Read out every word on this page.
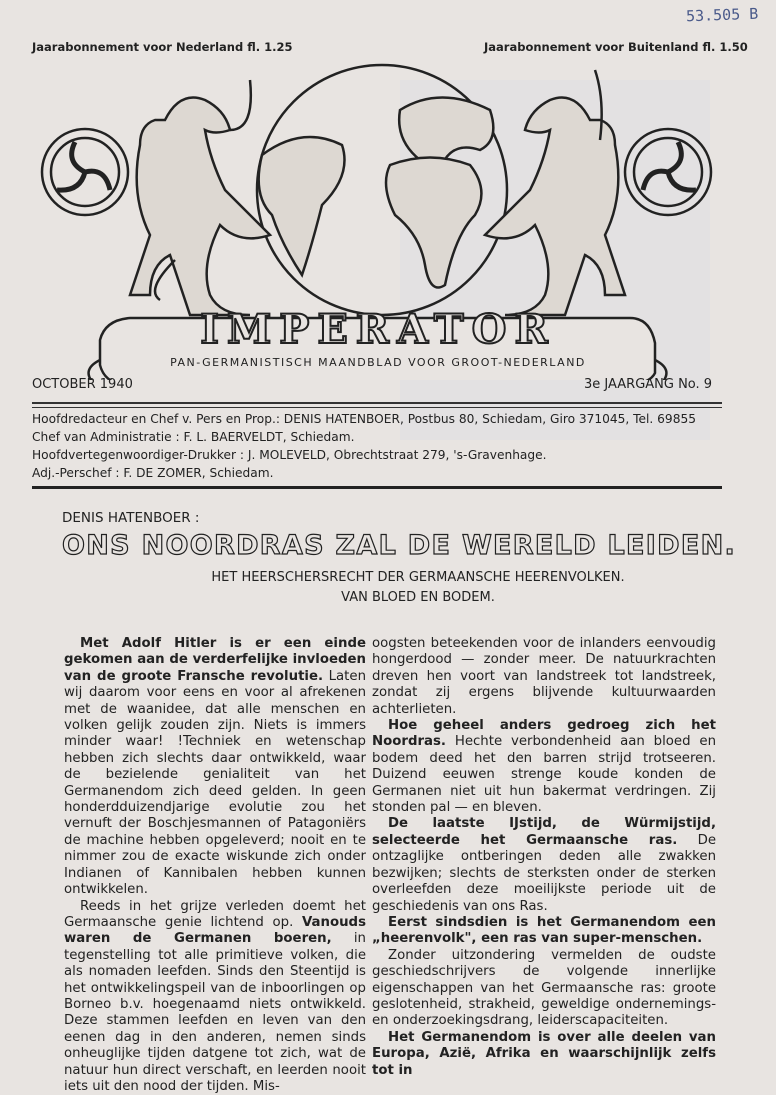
53.505 B
Jaarabonnement voor Nederland fl. 1.25	Jaarabonnement voor Buitenland fl. 1.50
IMPERATOR
PAN-GERMANISTISCH MAANDBLAD VOOR GROOT-NEDERLAND
OCTOBER 1940	3e JAARGANG No. 9
Hoofdredacteur en Chef v. Pers en Prop.: DENIS HATENBOER, Postbus 80, Schiedam, Giro 371045, Tel. 69855
Chef van Administratie : F. L. BAERVELDT, Schiedam.
Hoofdvertegenwoordiger-Drukker : J. MOLEVELD, Obrechtstraat 279, 's-Gravenhage.
Adj.-Perschef : F. DE ZOMER, Schiedam.
DENIS HATENBOER :
ONS NOORDRAS ZAL DE WERELD LEIDEN.
HET HEERSCHERSRECHT DER GERMAANSCHE HEERENVOLKEN.
VAN BLOED EN BODEM.

Met Adolf Hitler is er een einde gekomen aan de verderfelijke invloeden van de groote Fransche revolutie. Laten wij daarom voor eens en voor al afrekenen met de waanidee, dat alle menschen en volken gelijk zouden zijn. Niets is immers minder waar! !Techniek en wetenschap hebben zich slechts daar ontwikkeld, waar de bezielende genialiteit van het Germanendom zich deed gelden. In geen honderdduizendjarige evolutie zou het vernuft der Boschjesmannen of Patagoniërs de machine hebben opgeleverd; nooit en te nimmer zou de exacte wiskunde zich onder Indianen of Kannibalen hebben kunnen ontwikkelen.

Reeds in het grijze verleden doemt het Germaansche genie lichtend op. Vanouds waren de Germanen boeren, in tegenstelling tot alle primitieve volken, die als nomaden leefden. Sinds den Steentijd is het ontwikkelingspeil van de inboorlingen op Borneo b.v. hoegenaamd niets ontwikkeld. Deze stammen leefden en leven van den eenen dag in den anderen, nemen sinds onheuglijke tijden datgene tot zich, wat de natuur hun direct verschaft, en leerden nooit iets uit den nood der tijden. Mis-

oogsten beteekenden voor de inlanders eenvoudig hongerdood — zonder meer. De natuurkrachten dreven hen voort van landstreek tot landstreek, zondat zij ergens blijvende kultuurwaarden achterlieten.

Hoe geheel anders gedroeg zich het Noordras. Hechte verbondenheid aan bloed en bodem deed het den barren strijd trotseeren. Duizend eeuwen strenge koude konden de Germanen niet uit hun bakermat verdringen. Zij stonden pal — en bleven.

De laatste IJstijd, de Würmijstijd, selecteerde het Germaansche ras. De ontzaglijke ontberingen deden alle zwakken bezwijken; slechts de sterksten onder de sterken overleefden deze moeilijkste periode uit de geschiedenis van ons Ras.

Eerst sindsdien is het Germanendom een „heerenvolk", een ras van super-menschen.

Zonder uitzondering vermelden de oudste geschiedschrijvers de volgende innerlijke eigenschappen van het Germaansche ras: groote geslotenheid, strakheid, geweldige ondernemings- en onderzoekingsdrang, leiderscapaciteiten.

Het Germanendom is over alle deelen van Europa, Azië, Afrika en waarschijnlijk zelfs tot in
